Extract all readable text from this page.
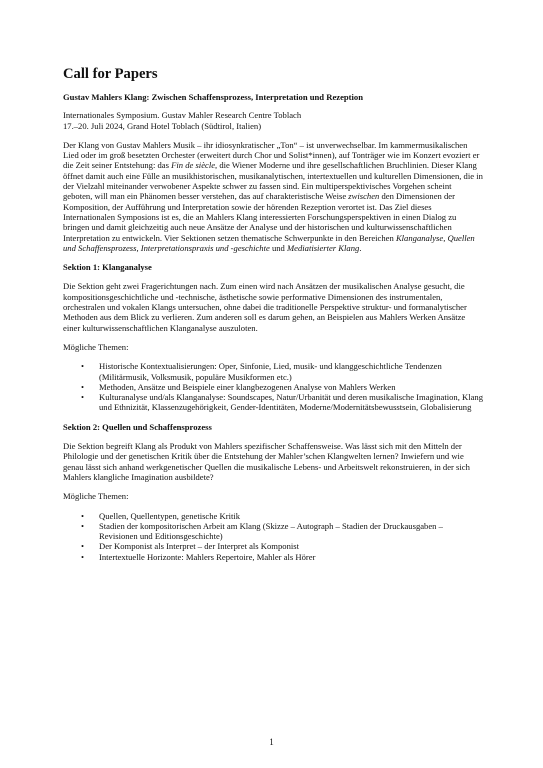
Call for Papers
Gustav Mahlers Klang: Zwischen Schaffensprozess, Interpretation und Rezeption
Internationales Symposium. Gustav Mahler Research Centre Toblach
17.–20. Juli 2024, Grand Hotel Toblach (Südtirol, Italien)
Der Klang von Gustav Mahlers Musik – ihr idiosynkratischer „Ton“ – ist unverwechselbar. Im kammermusikalischen Lied oder im groß besetzten Orchester (erweitert durch Chor und Solist*innen), auf Tonträger wie im Konzert evoziert er die Zeit seiner Entstehung: das Fin de siècle, die Wiener Moderne und ihre gesellschaftlichen Bruchlinien. Dieser Klang öffnet damit auch eine Fülle an musikhistorischen, musikanalytischen, intertextuellen und kulturellen Dimensionen, die in der Vielzahl miteinander verwobener Aspekte schwer zu fassen sind. Ein multiperspektivisches Vorgehen scheint geboten, will man ein Phänomen besser verstehen, das auf charakteristische Weise zwischen den Dimensionen der Komposition, der Aufführung und Interpretation sowie der hörenden Rezeption verortet ist. Das Ziel dieses Internationalen Symposions ist es, die an Mahlers Klang interessierten Forschungsperspektiven in einen Dialog zu bringen und damit gleichzeitig auch neue Ansätze der Analyse und der historischen und kulturwissenschaftlichen Interpretation zu entwickeln. Vier Sektionen setzen thematische Schwerpunkte in den Bereichen Klanganalyse, Quellen und Schaffensprozess, Interpretationspraxis und -geschichte und Mediatisierter Klang.
Sektion 1: Klanganalyse
Die Sektion geht zwei Fragerichtungen nach. Zum einen wird nach Ansätzen der musikalischen Analyse gesucht, die kompositionsgeschichtliche und -technische, ästhetische sowie performative Dimensionen des instrumentalen, orchestralen und vokalen Klangs untersuchen, ohne dabei die traditionelle Perspektive struktur- und formanalytischer Methoden aus dem Blick zu verlieren. Zum anderen soll es darum gehen, an Beispielen aus Mahlers Werken Ansätze einer kulturwissenschaftlichen Klanganalyse auszuloten.
Mögliche Themen:
• Historische Kontextualisierungen: Oper, Sinfonie, Lied, musik- und klanggeschichtliche Tendenzen (Militärmusik, Volksmusik, populäre Musikformen etc.)
• Methoden, Ansätze und Beispiele einer klangbezogenen Analyse von Mahlers Werken
• Kulturanalyse und/als Klanganalyse: Soundscapes, Natur/Urbanität und deren musikalische Imagination, Klang und Ethnizität, Klassenzugehörigkeit, Gender-Identitäten, Moderne/Modernitätsbewusstsein, Globalisierung
Sektion 2: Quellen und Schaffensprozess
Die Sektion begreift Klang als Produkt von Mahlers spezifischer Schaffensweise. Was lässt sich mit den Mitteln der Philologie und der genetischen Kritik über die Entstehung der Mahler’schen Klangwelten lernen? Inwiefern und wie genau lässt sich anhand werkgenetischer Quellen die musikalische Lebens- und Arbeitswelt rekonstruieren, in der sich Mahlers klangliche Imagination ausbildete?
Mögliche Themen:
• Quellen, Quellentypen, genetische Kritik
• Stadien der kompositorischen Arbeit am Klang (Skizze – Autograph – Stadien der Druckausgaben – Revisionen und Editionsgeschichte)
• Der Komponist als Interpret – der Interpret als Komponist
• Intertextuelle Horizonte: Mahlers Repertoire, Mahler als Hörer
1
